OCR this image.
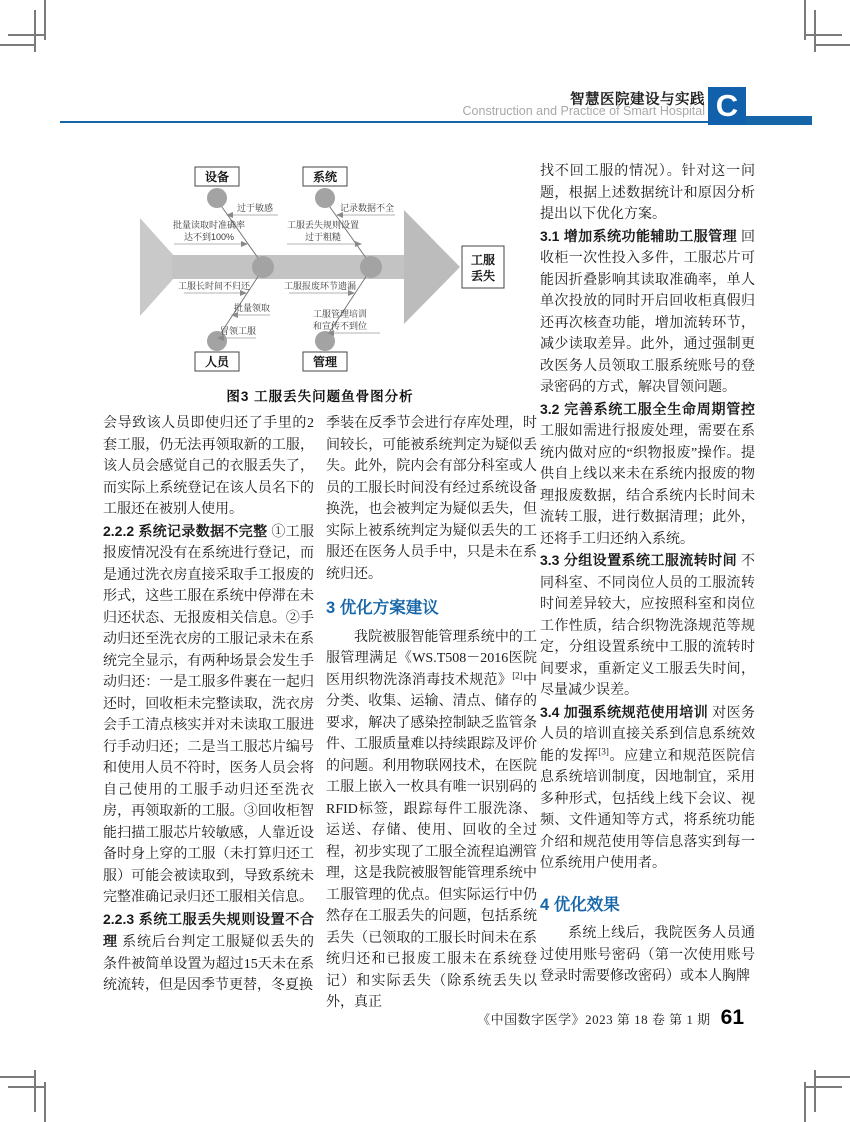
智慧医院建设与实践
Construction and Practice of Smart Hospital C
设备	系统
人员	管理
工服
丢失
过于敏感
批量读取时准确率
达不到100%
记录数据不全
工服丢失规则设置
过于粗糙
工服长时间不归还
批量领取
冒领工服
工服报废环节遗漏
工服管理培训
和宣传不到位
图3 工服丢失问题鱼骨图分析

会导致该人员即使归还了手里的2套工服，仍无法再领取新的工服，该人员会感觉自己的衣服丢失了，而实际上系统登记在该人员名下的工服还在被别人使用。

2.2.2 系统记录数据不完整 ①工服报废情况没有在系统进行登记，而是通过洗衣房直接采取手工报废的形式，这些工服在系统中停滞在未归还状态、无报废相关信息。②手动归还至洗衣房的工服记录未在系统完全显示，有两种场景会发生手动归还：一是工服多件裹在一起归还时，回收柜未完整读取，洗衣房会手工清点核实并对未读取工服进行手动归还；二是当工服芯片编号和使用人员不符时，医务人员会将自己使用的工服手动归还至洗衣房，再领取新的工服。③回收柜智能扫描工服芯片较敏感，人靠近设备时身上穿的工服（未打算归还工服）可能会被读取到，导致系统未完整准确记录归还工服相关信息。

2.2.3 系统工服丢失规则设置不合理 系统后台判定工服疑似丢失的条件被简单设置为超过15天未在系统流转，但是因季节更替，冬夏换

季装在反季节会进行存库处理，时间较长，可能被系统判定为疑似丢失。此外，院内会有部分科室或人员的工服长时间没有经过系统设备换洗，也会被判定为疑似丢失，但实际上被系统判定为疑似丢失的工服还在医务人员手中，只是未在系统归还。

3 优化方案建议

我院被服智能管理系统中的工服管理满足《WS.T508－2016医院医用织物洗涤消毒技术规范》[2]中分类、收集、运输、清点、储存的要求，解决了感染控制缺乏监管条件、工服质量难以持续跟踪及评价的问题。利用物联网技术，在医院工服上嵌入一枚具有唯一识别码的RFID标签，跟踪每件工服洗涤、运送、存储、使用、回收的全过程，初步实现了工服全流程追溯管理，这是我院被服智能管理系统中工服管理的优点。但实际运行中仍然存在工服丢失的问题，包括系统丢失（已领取的工服长时间未在系统归还和已报废工服未在系统登记）和实际丢失（除系统丢失以外，真正

找不回工服的情况）。针对这一问题，根据上述数据统计和原因分析提出以下优化方案。

3.1 增加系统功能辅助工服管理 回收柜一次性投入多件，工服芯片可能因折叠影响其读取准确率，单人单次投放的同时开启回收柜真假归还再次核查功能，增加流转环节，减少读取差异。此外，通过强制更改医务人员领取工服系统账号的登录密码的方式，解决冒领问题。

3.2 完善系统工服全生命周期管控 工服如需进行报废处理，需要在系统内做对应的“织物报废”操作。提供自上线以来未在系统内报废的物理报废数据，结合系统内长时间未流转工服，进行数据清理；此外，还将手工归还纳入系统。

3.3 分组设置系统工服流转时间 不同科室、不同岗位人员的工服流转时间差异较大，应按照科室和岗位工作性质，结合织物洗涤规范等规定，分组设置系统中工服的流转时间要求，重新定义工服丢失时间，尽量减少误差。

3.4 加强系统规范使用培训 对医务人员的培训直接关系到信息系统效能的发挥[3]。应建立和规范医院信息系统培训制度，因地制宜，采用多种形式，包括线上线下会议、视频、文件通知等方式，将系统功能介绍和规范使用等信息落实到每一位系统用户使用者。

4 优化效果

系统上线后，我院医务人员通过使用账号密码（第一次使用账号登录时需要修改密码）或本人胸牌

《中国数字医学》2023 第 18 卷 第 1 期 61
